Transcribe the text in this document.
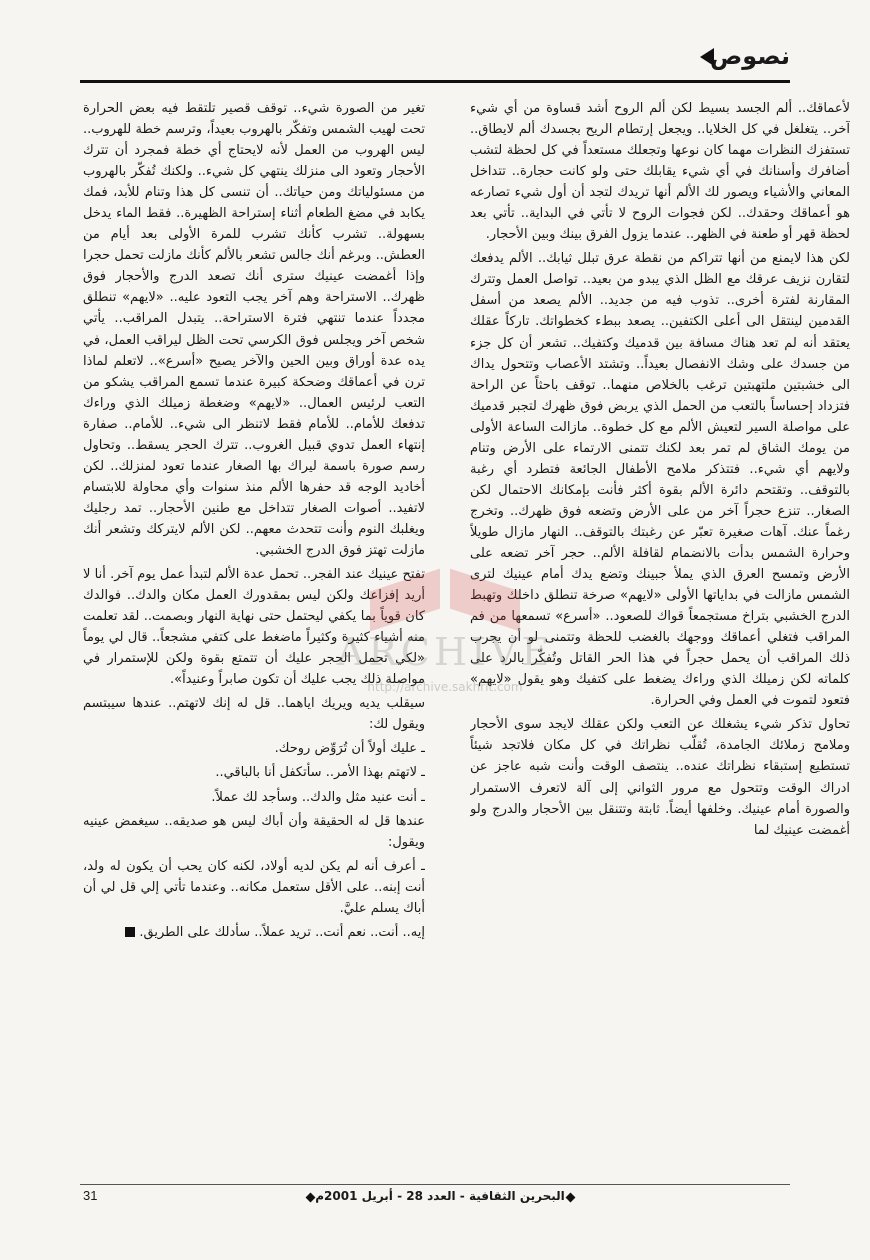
نصوص

لأعماقك.. ألم الجسد بسيط لكن ألم الروح أشد قساوة من أي شيء آخر.. يتغلغل في كل الخلايا.. ويجعل إرتطام الريح بجسدك ألم لايطاق.. تستفزك النظرات مهما كان نوعها وتجعلك مستعداً في كل لحظة لتشب أضافرك وأسنانك في أي شيء يقابلك حتى ولو كانت حجارة.. تتداخل المعاني والأشياء ويصور لك الألم أنها تريدك لتجد أن أول شيء تصارعه هو أعماقك وحقدك.. لكن فجوات الروح لا تأتي في البداية.. تأتي بعد لحظة قهر أو طعنة في الظهر.. عندما يزول الفرق بينك وبين الأحجار.

لكن هذا لايمنع من أنها تتراكم من نقطة عرق تبلل ثيابك.. الألم يدفعك لتقارن نزيف عرقك مع الظل الذي يبدو من بعيد.. تواصل العمل وتترك المقارنة لفترة أخرى.. تذوب فيه من جديد.. الألم يصعد من أسفل القدمين لينتقل الى أعلى الكتفين.. يصعد ببطء كخطواتك. تاركاً عقلك يعتقد أنه لم تعد هناك مسافة بين قدميك وكتفيك.. تشعر أن كل جزء من جسدك على وشك الانفصال بعيداً.. وتشتد الأعصاب وتتحول يداك الى خشبتين ملتهبتين ترغب بالخلاص منهما.. توقف باحثاً عن الراحة فتزداد إحساساً بالتعب من الحمل الذي يربض فوق ظهرك لتجبر قدميك على مواصلة السير لتعيش الألم مع كل خطوة.. مازالت الساعة الأولى من يومك الشاق لم تمر بعد لكنك تتمنى الارتماء على الأرض وتنام ولايهم أي شيء.. فتتذكر ملامح الأطفال الجائعة فتطرد أي رغبة بالتوقف.. وتقتحم دائرة الألم بقوة أكثر فأنت بإمكانك الاحتمال لكن الصغار.. تنزع حجراً آخر من على الأرض وتضعه فوق ظهرك.. وتخرج رغماً عنك. آهات صغيرة تعبّر عن رغبتك بالتوقف.. النهار مازال طويلاً وحرارة الشمس بدأت بالانضمام لقافلة الألم.. حجر آخر تضعه على الأرض وتمسح العرق الذي يملأ جبينك وتضع يدك أمام عينيك لترى الشمس مازالت في بداياتها الأولى «لايهم» صرخة تنطلق داخلك وتهبط الدرج الخشبي بتراخ مستجمعاً قواك للصعود.. «أسرع» تسمعها من فم المراقب فتغلي أعماقك ووجهك بالغضب للحظة وتتمنى لو أن يجرب ذلك المراقب أن يحمل حجراً في هذا الحر القاتل وتُفكّر بالرد على كلماته لكن زميلك الذي وراءك يضغط على كتفيك وهو يقول «لايهم» فتعود لتموت في العمل وفي الحرارة.

تحاول تذكر شيء يشغلك عن التعب ولكن عقلك لايجد سوى الأحجار وملامح زملائك الجامدة، تُقلّب نظراتك في كل مكان فلاتجد شيئاً تستطيع إستبقاء نظراتك عنده.. ينتصف الوقت وأنت شبه عاجز عن ادراك الوقت وتتحول مع مرور الثواني إلى آلة لاتعرف الاستمرار والصورة أمام عينيك. وخلفها أيضاً. ثابتة وتتنقل بين الأحجار والدرج ولو أغمضت عينيك لما

تغير من الصورة شيء.. توقف قصير تلتقط فيه بعض الحرارة تحت لهيب الشمس وتفكّر بالهروب بعيداً، وترسم خطة للهروب.. ليس الهروب من العمل لأنه لايحتاج أي خطة فمجرد أن تترك الأحجار وتعود الى منزلك ينتهي كل شيء.. ولكنك تُفكّر بالهروب من مسئولياتك ومن حياتك.. أن تنسى كل هذا وتنام للأبد، فمك يكابد في مضغ الطعام أثناء إستراحة الظهيرة.. فقط الماء يدخل بسهولة.. تشرب كأنك تشرب للمرة الأولى بعد أيام من العطش.. وبرغم أنك جالس تشعر بالألم كأنك مازلت تحمل حجرا وإذا أغمضت عينيك سترى أنك تصعد الدرج والأحجار فوق ظهرك.. الاستراحة وهم آخر يجب التعود عليه.. «لايهم» تنطلق مجدداً عندما تنتهي فترة الاستراحة.. يتبدل المراقب.. يأتي شخص آخر ويجلس فوق الكرسي تحت الظل ليراقب العمل، في يده عدة أوراق وبين الحين والآخر يصيح «أسرع».. لاتعلم لماذا ترن في أعماقك وضحكة كبيرة عندما تسمع المراقب يشكو من التعب لرئيس العمال.. «لايهم» وضغطة زميلك الذي وراءك تدفعك للأمام.. للأمام فقط لاتنظر الى شيء.. للأمام.. صفارة إنتهاء العمل تدوي قبيل الغروب.. تترك الحجر يسقط.. وتحاول رسم صورة باسمة ليراك بها الصغار عندما تعود لمنزلك.. لكن أخاديد الوجه قد حفرها الألم منذ سنوات وأي محاولة للابتسام لاتفيد.. أصوات الصغار تتداخل مع طنين الأحجار.. تمد رجليك ويغلبك النوم وأنت تتحدث معهم.. لكن الألم لايتركك وتشعر أنك مازلت تهتز فوق الدرج الخشبي.

تفتح عينيك عند الفجر.. تحمل عدة الألم لتبدأ عمل يوم آخر. أنا لا أريد إفزاعك ولكن ليس بمقدورك العمل مكان والدك.. فوالدك كان قوياً بما يكفي ليحتمل حتى نهاية النهار وبصمت.. لقد تعلمت منه أشياء كثيرة وكثيراً ماضغط على كتفي مشجعاً.. قال لي يوماً «لكي تحمل الحجر عليك أن تتمتع بقوة ولكن للإستمرار في مواصلة ذلك يجب عليك أن تكون صابراً وعنيداً».

سيقلب يديه ويريك اياهما.. قل له إنك لاتهتم.. عندها سيبتسم ويقول لك:

ـ عليك أولاً أن تُرَوِّض روحك.

ـ لاتهتم بهذا الأمر.. سأتكفل أنا بالباقي..

ـ أنت عنيد مثل والدك.. وسأجد لك عملاً.

عندها قل له الحقيقة وأن أباك ليس هو صديقه.. سيغمض عينيه ويقول:

ـ أعرف أنه لم يكن لديه أولاد، لكنه كان يحب أن يكون له ولد، أنت إبنه.. على الأقل ستعمل مكانه.. وعندما تأتي إلي قل لي أن أباك يسلم عليَّ.

إيه.. أنت.. نعم أنت.. تريد عملاً.. سأدلك على الطريق.

ARCHIVE
http://archive.sakhrit.com
31	البحرين الثقافية - العدد 28 - أبريل 2001م
